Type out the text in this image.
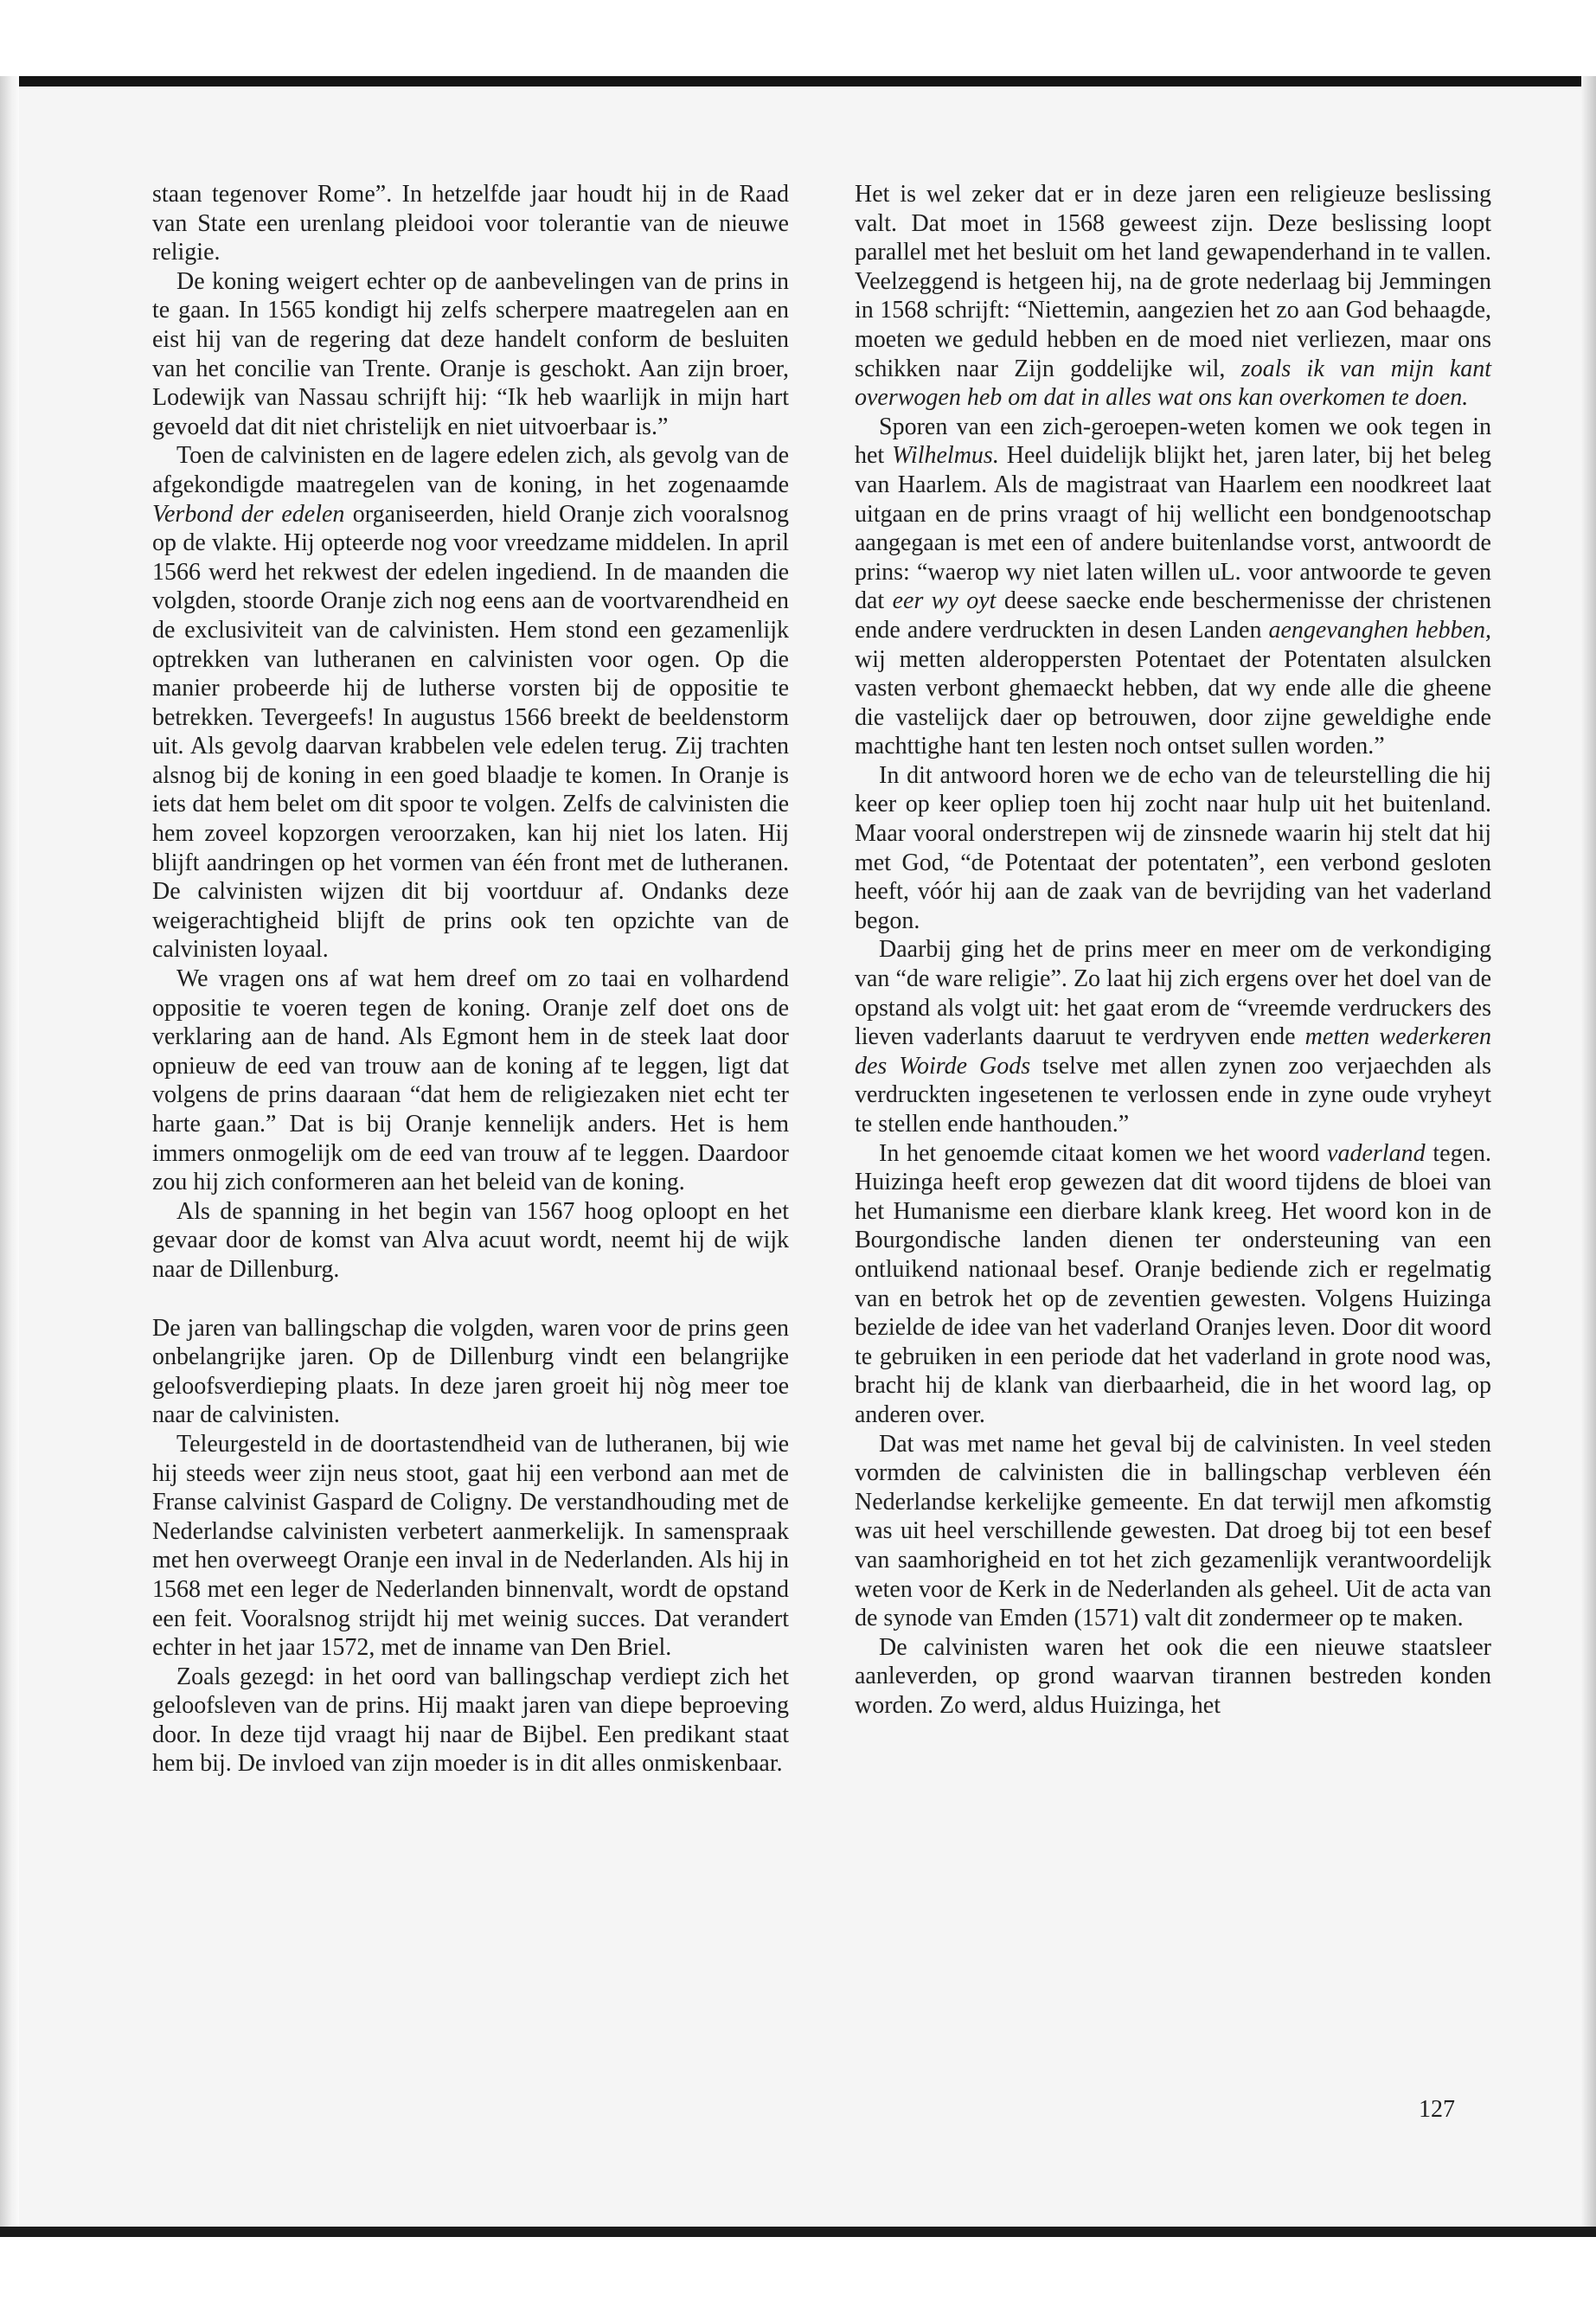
staan tegenover Rome”. In hetzelfde jaar houdt hij in de Raad van State een urenlang pleidooi voor tolerantie van de nieuwe religie.

De koning weigert echter op de aanbevelingen van de prins in te gaan. In 1565 kondigt hij zelfs scherpere maatregelen aan en eist hij van de regering dat deze handelt conform de besluiten van het concilie van Trente. Oranje is geschokt. Aan zijn broer, Lodewijk van Nassau schrijft hij: “Ik heb waarlijk in mijn hart gevoeld dat dit niet christelijk en niet uitvoerbaar is.”

Toen de calvinisten en de lagere edelen zich, als gevolg van de afgekondigde maatregelen van de koning, in het zogenaamde Verbond der edelen organiseerden, hield Oranje zich vooralsnog op de vlakte. Hij opteerde nog voor vreedzame middelen. In april 1566 werd het rekwest der edelen ingediend. In de maanden die volgden, stoorde Oranje zich nog eens aan de voortvarendheid en de exclusiviteit van de calvinisten. Hem stond een gezamenlijk optrekken van lutheranen en calvinisten voor ogen. Op die manier probeerde hij de lutherse vorsten bij de oppositie te betrekken. Tevergeefs! In augustus 1566 breekt de beeldenstorm uit. Als gevolg daarvan krabbelen vele edelen terug. Zij trachten alsnog bij de koning in een goed blaadje te komen. In Oranje is iets dat hem belet om dit spoor te volgen. Zelfs de calvinisten die hem zoveel kopzorgen veroorzaken, kan hij niet los laten. Hij blijft aandringen op het vormen van één front met de lutheranen. De calvinisten wijzen dit bij voortduur af. Ondanks deze weigerachtigheid blijft de prins ook ten opzichte van de calvinisten loyaal.

We vragen ons af wat hem dreef om zo taai en volhardend oppositie te voeren tegen de koning. Oranje zelf doet ons de verklaring aan de hand. Als Egmont hem in de steek laat door opnieuw de eed van trouw aan de koning af te leggen, ligt dat volgens de prins daaraan “dat hem de religiezaken niet echt ter harte gaan.” Dat is bij Oranje kennelijk anders. Het is hem immers onmogelijk om de eed van trouw af te leggen. Daardoor zou hij zich conformeren aan het beleid van de koning.

Als de spanning in het begin van 1567 hoog oploopt en het gevaar door de komst van Alva acuut wordt, neemt hij de wijk naar de Dillenburg.

De jaren van ballingschap die volgden, waren voor de prins geen onbelangrijke jaren. Op de Dillenburg vindt een belangrijke geloofsverdieping plaats. In deze jaren groeit hij nòg meer toe naar de calvinisten.

Teleurgesteld in de doortastendheid van de lutheranen, bij wie hij steeds weer zijn neus stoot, gaat hij een verbond aan met de Franse calvinist Gaspard de Coligny. De verstandhouding met de Nederlandse calvinisten verbetert aanmerkelijk. In samenspraak met hen overweegt Oranje een inval in de Nederlanden. Als hij in 1568 met een leger de Nederlanden binnenvalt, wordt de opstand een feit. Vooralsnog strijdt hij met weinig succes. Dat verandert echter in het jaar 1572, met de inname van Den Briel.

Zoals gezegd: in het oord van ballingschap verdiept zich het geloofsleven van de prins. Hij maakt jaren van diepe beproeving door. In deze tijd vraagt hij naar de Bijbel. Een predikant staat hem bij. De invloed van zijn moeder is in dit alles onmiskenbaar.

Het is wel zeker dat er in deze jaren een religieuze beslissing valt. Dat moet in 1568 geweest zijn. Deze beslissing loopt parallel met het besluit om het land gewapenderhand in te vallen. Veelzeggend is hetgeen hij, na de grote nederlaag bij Jemmingen in 1568 schrijft: “Niettemin, aangezien het zo aan God behaagde, moeten we geduld hebben en de moed niet verliezen, maar ons schikken naar Zijn goddelijke wil, zoals ik van mijn kant overwogen heb om dat in alles wat ons kan overkomen te doen.

Sporen van een zich-geroepen-weten komen we ook tegen in het Wilhelmus. Heel duidelijk blijkt het, jaren later, bij het beleg van Haarlem. Als de magistraat van Haarlem een noodkreet laat uitgaan en de prins vraagt of hij wellicht een bondgenootschap aangegaan is met een of andere buitenlandse vorst, antwoordt de prins: “waerop wy niet laten willen uL. voor antwoorde te geven dat eer wy oyt deese saecke ende beschermenisse der christenen ende andere verdruckten in desen Landen aengevanghen hebben, wij metten alderoppersten Potentaet der Potentaten alsulcken vasten verbont ghemaeckt hebben, dat wy ende alle die gheene die vastelijck daer op betrouwen, door zijne geweldighe ende machttighe hant ten lesten noch ontset sullen worden.”

In dit antwoord horen we de echo van de teleurstelling die hij keer op keer opliep toen hij zocht naar hulp uit het buitenland. Maar vooral onderstrepen wij de zinsnede waarin hij stelt dat hij met God, “de Potentaat der potentaten”, een verbond gesloten heeft, vóór hij aan de zaak van de bevrijding van het vaderland begon.

Daarbij ging het de prins meer en meer om de verkondiging van “de ware religie”. Zo laat hij zich ergens over het doel van de opstand als volgt uit: het gaat erom de “vreemde verdruckers des lieven vaderlants daaruut te verdryven ende metten wederkeren des Woirde Gods tselve met allen zynen zoo verjaechden als verdruckten ingesetenen te verlossen ende in zyne oude vryheyt te stellen ende hanthouden.”

In het genoemde citaat komen we het woord vaderland tegen. Huizinga heeft erop gewezen dat dit woord tijdens de bloei van het Humanisme een dierbare klank kreeg. Het woord kon in de Bourgondische landen dienen ter ondersteuning van een ontluikend nationaal besef. Oranje bediende zich er regelmatig van en betrok het op de zeventien gewesten. Volgens Huizinga bezielde de idee van het vaderland Oranjes leven. Door dit woord te gebruiken in een periode dat het vaderland in grote nood was, bracht hij de klank van dierbaarheid, die in het woord lag, op anderen over.

Dat was met name het geval bij de calvinisten. In veel steden vormden de calvinisten die in ballingschap verbleven één Nederlandse kerkelijke gemeente. En dat terwijl men afkomstig was uit heel verschillende gewesten. Dat droeg bij tot een besef van saamhorigheid en tot het zich gezamenlijk verantwoordelijk weten voor de Kerk in de Nederlanden als geheel. Uit de acta van de synode van Emden (1571) valt dit zondermeer op te maken.

De calvinisten waren het ook die een nieuwe staatsleer aanleverden, op grond waarvan tirannen bestreden konden worden. Zo werd, aldus Huizinga, het

127
